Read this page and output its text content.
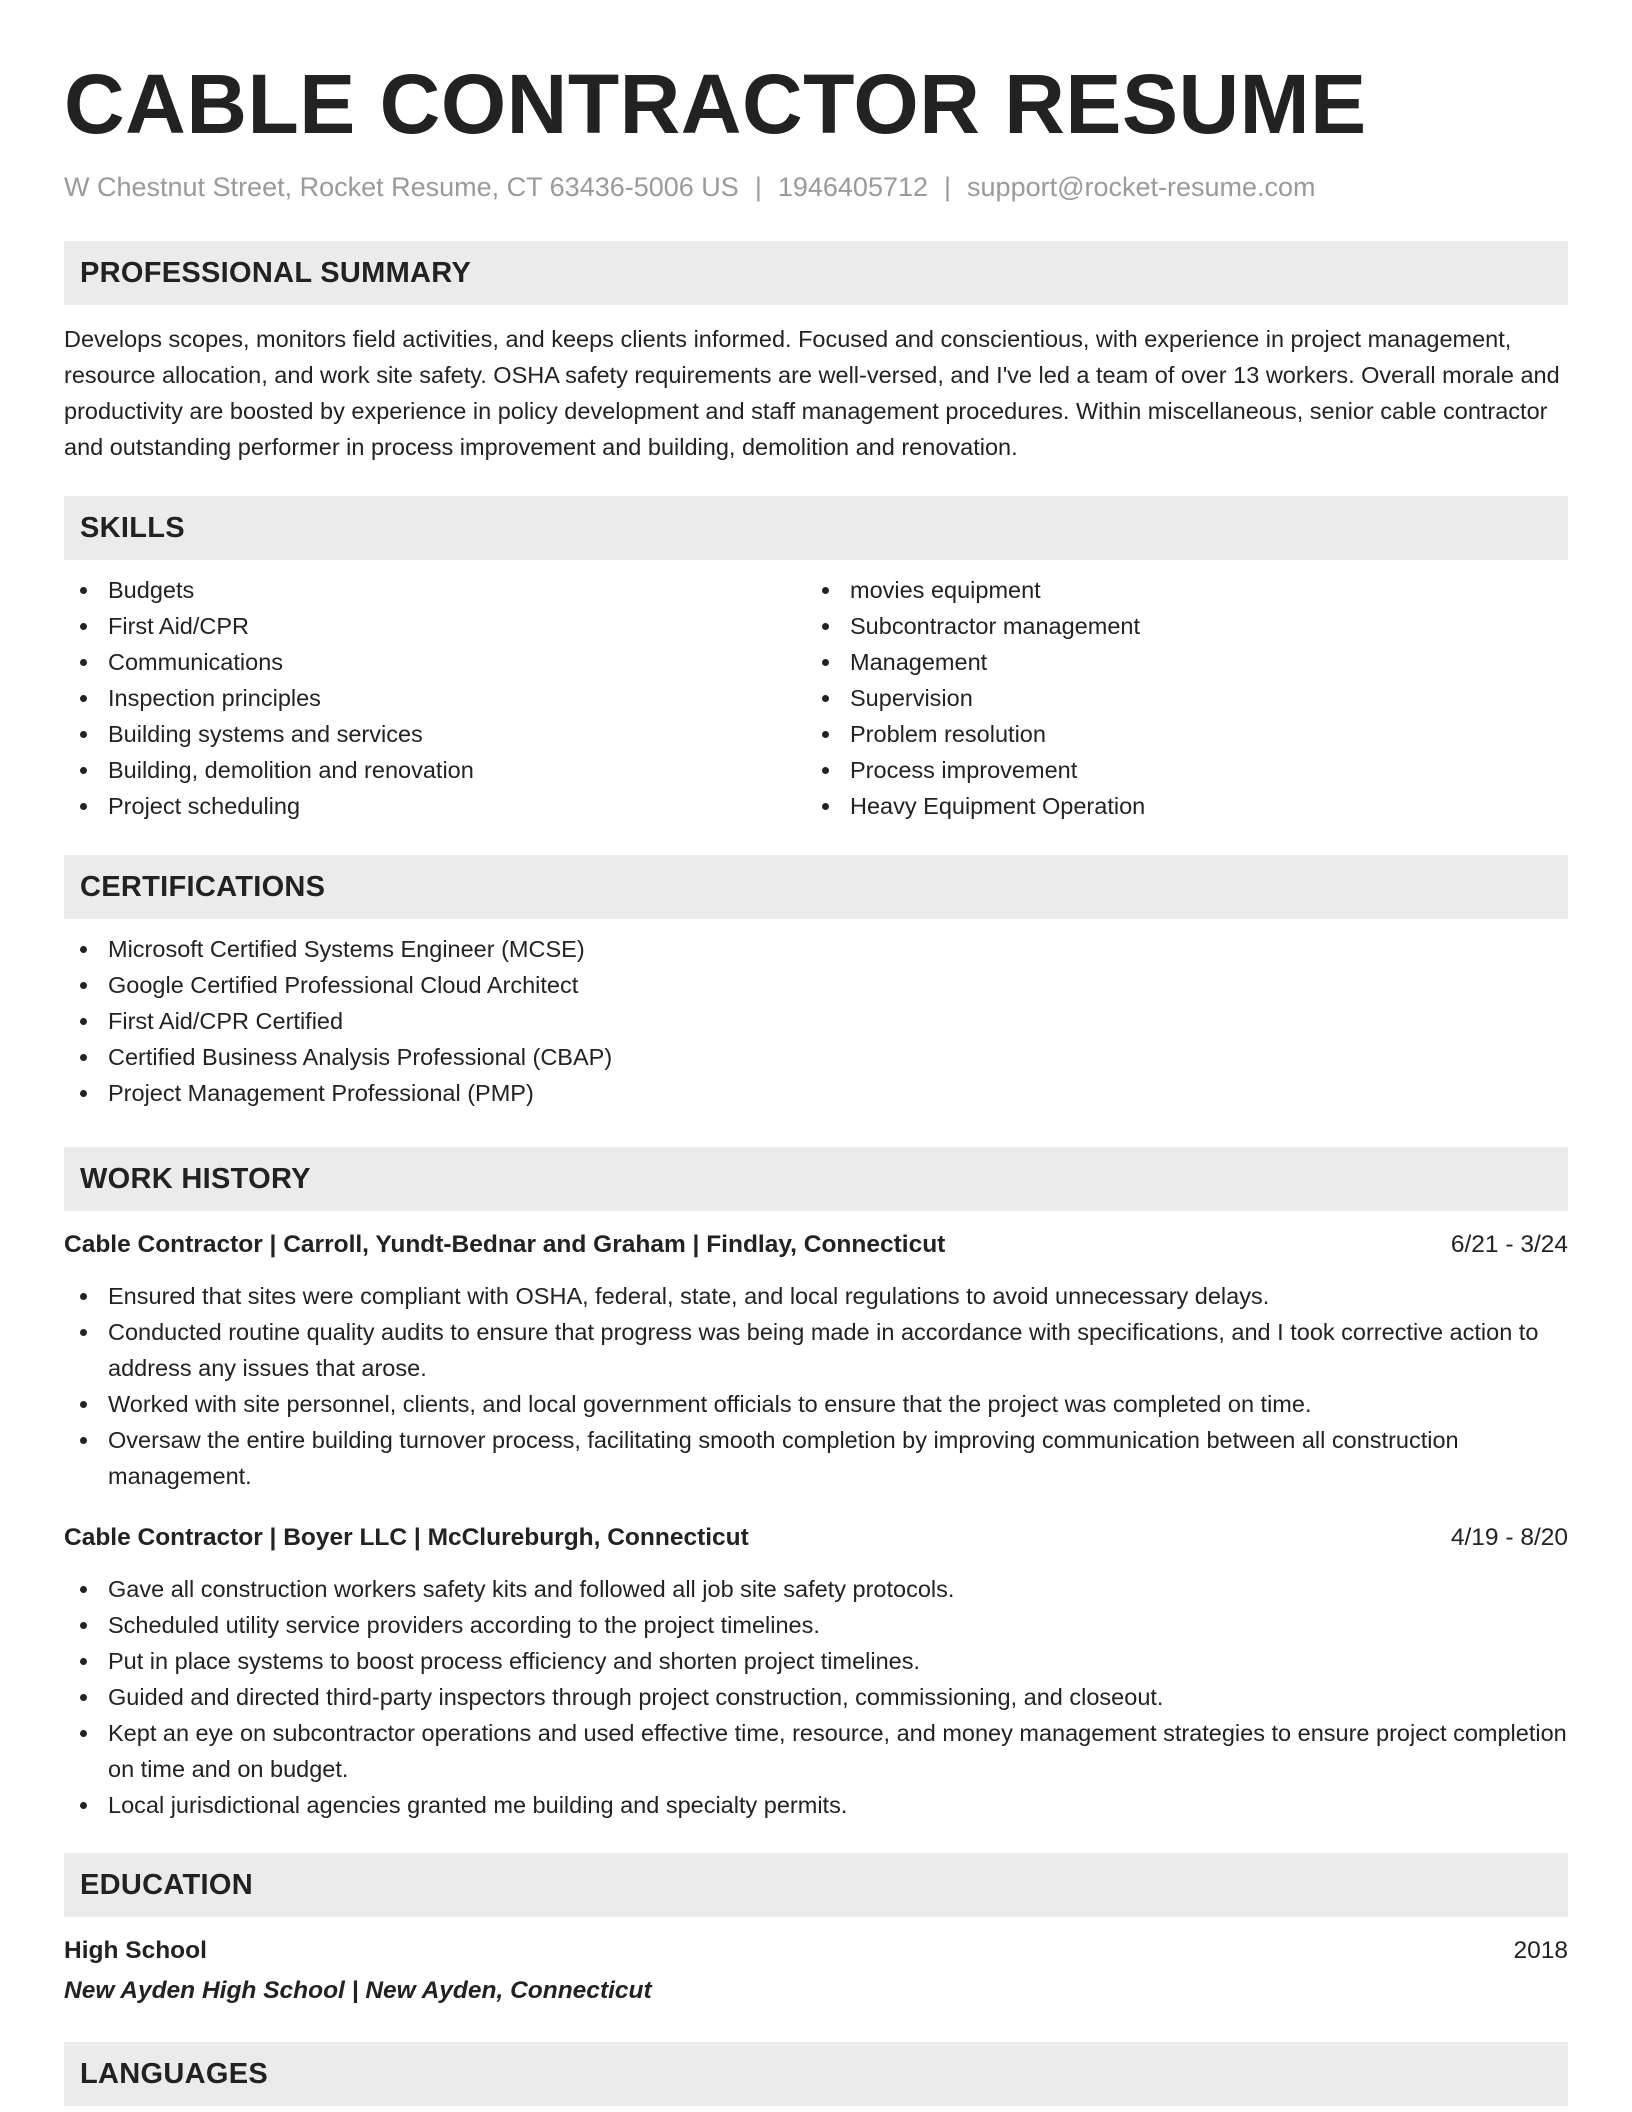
CABLE CONTRACTOR RESUME
W Chestnut Street, Rocket Resume, CT 63436-5006 US | 1946405712 | support@rocket-resume.com
PROFESSIONAL SUMMARY
Develops scopes, monitors field activities, and keeps clients informed. Focused and conscientious, with experience in project management, resource allocation, and work site safety. OSHA safety requirements are well-versed, and I've led a team of over 13 workers. Overall morale and productivity are boosted by experience in policy development and staff management procedures. Within miscellaneous, senior cable contractor and outstanding performer in process improvement and building, demolition and renovation.
SKILLS
Budgets
First Aid/CPR
Communications
Inspection principles
Building systems and services
Building, demolition and renovation
Project scheduling
movies equipment
Subcontractor management
Management
Supervision
Problem resolution
Process improvement
Heavy Equipment Operation
CERTIFICATIONS
Microsoft Certified Systems Engineer (MCSE)
Google Certified Professional Cloud Architect
First Aid/CPR Certified
Certified Business Analysis Professional (CBAP)
Project Management Professional (PMP)
WORK HISTORY
Cable Contractor | Carroll, Yundt-Bednar and Graham | Findlay, Connecticut	6/21 - 3/24
Ensured that sites were compliant with OSHA, federal, state, and local regulations to avoid unnecessary delays.
Conducted routine quality audits to ensure that progress was being made in accordance with specifications, and I took corrective action to address any issues that arose.
Worked with site personnel, clients, and local government officials to ensure that the project was completed on time.
Oversaw the entire building turnover process, facilitating smooth completion by improving communication between all construction management.
Cable Contractor | Boyer LLC | McClureburgh, Connecticut	4/19 - 8/20
Gave all construction workers safety kits and followed all job site safety protocols.
Scheduled utility service providers according to the project timelines.
Put in place systems to boost process efficiency and shorten project timelines.
Guided and directed third-party inspectors through project construction, commissioning, and closeout.
Kept an eye on subcontractor operations and used effective time, resource, and money management strategies to ensure project completion on time and on budget.
Local jurisdictional agencies granted me building and specialty permits.
EDUCATION
High School	2018
New Ayden High School | New Ayden, Connecticut
LANGUAGES
